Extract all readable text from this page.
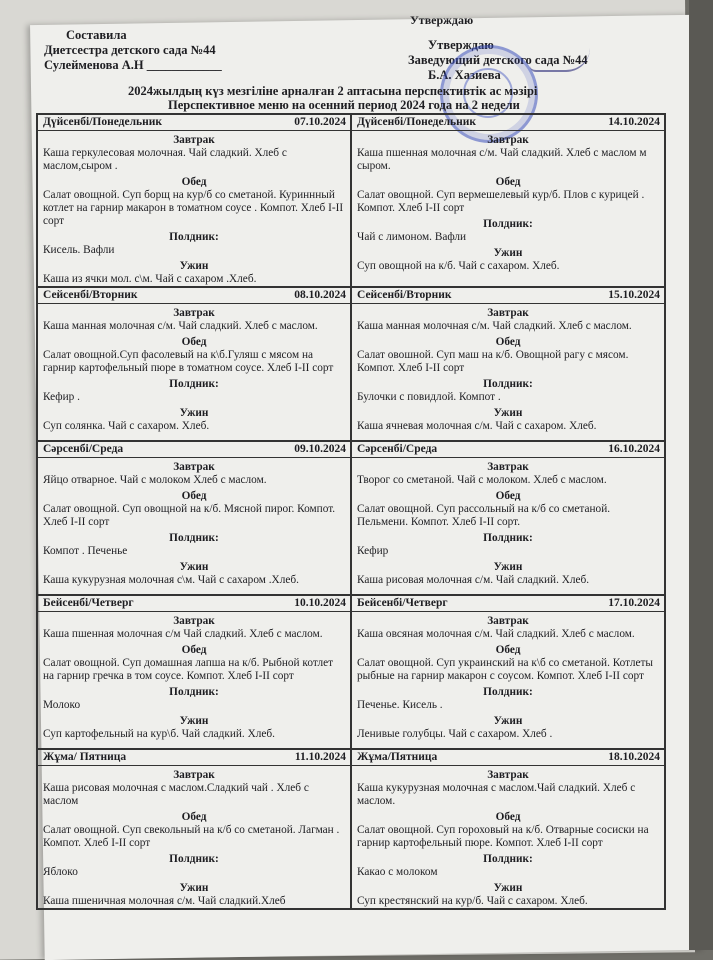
Утверждаю
Составила
Диетсестра детского сада №44
Сулейменова А.Н ____________
Утверждаю
Заведующий детского сада №44
Б.А. Хазиева
2024жылдың күз мезгіліне арналған 2 аптасына перспективтік ас мәзірі
Перспективное меню на осенний период 2024 года на 2 недели
Дүйсенбі/Понедельник	07.10.2024
Завтрак
Каша геркулесовая молочная. Чай сладкий. Хлеб с маслом,сыром .
Обед
Салат овощной. Суп борщ на кур/б со сметаной. Куриннный котлет на гарнир макарон в томатном соусе . Компот. Хлеб I-II сорт
Полдник:
Кисель. Вафли
Ужин
Каша из ячки мол. с\м. Чай с сахаром .Хлеб.
Дүйсенбі/Понедельник	14.10.2024
Завтрак
Каша пшенная молочная с/м. Чай сладкий. Хлеб с маслом м сыром.
Обед
Салат овощной. Суп вермешелевый кур/б. Плов с курицей . Компот. Хлеб I-II сорт
Полдник:
Чай с лимоном. Вафли
Ужин
Суп овощной на к/б. Чай с сахаром. Хлеб.
Сейсенбі/Вторник	08.10.2024
Завтрак
Каша манная молочная с/м. Чай сладкий. Хлеб с маслом.
Обед
Салат овощной.Суп фасолевый на к\б.Гуляш с мясом на гарнир картофельный пюре в томатном соусе. Хлеб I-II сорт
Полдник:
Кефир .
Ужин
Суп солянка. Чай с сахаром. Хлеб.
Сейсенбі/Вторник	15.10.2024
Завтрак
Каша манная молочная с/м. Чай сладкий. Хлеб с маслом.
Обед
Салат овошной. Суп маш на к/б. Овощной рагу с мясом. Компот. Хлеб I-II сорт
Полдник:
Булочки с повидлой. Компот .
Ужин
Каша ячневая молочная с/м. Чай с сахаром. Хлеб.
Сәрсенбі/Среда	09.10.2024
Завтрак
Яйцо отварное. Чай с молоком Хлеб с маслом.
Обед
Салат овощной. Суп овощной на к/б. Мясной пирог. Компот. Хлеб I-II сорт
Полдник:
Компот . Печенье
Ужин
Каша кукурузная молочная с\м. Чай с сахаром .Хлеб.
Сәрсенбі/Среда	16.10.2024
Завтрак
Творог со сметаной. Чай с молоком. Хлеб с маслом.
Обед
Салат овощной. Суп рассольный на к/б со сметаной. Пельмени. Компот. Хлеб I-II сорт.
Полдник:
Кефир
Ужин
Каша рисовая молочная с/м. Чай сладкий. Хлеб.
Бейсенбі/Четверг	10.10.2024
Завтрак
Каша пшенная молочная с/м Чай сладкий. Хлеб с маслом.
Обед
Салат овощной. Суп домашная лапша на к/б. Рыбной котлет на гарнир гречка в том соусе. Компот. Хлеб I-II сорт
Полдник:
Молоко
Ужин
Суп картофельный на кур\б. Чай сладкий. Хлеб.
Бейсенбі/Четверг	17.10.2024
Завтрак
Каша овсяная молочная с/м. Чай сладкий. Хлеб с маслом.
Обед
Салат овощной. Суп украинский на к\б со сметаной. Котлеты рыбные на гарнир макарон с соусом. Компот. Хлеб I-II сорт
Полдник:
Печенье. Кисель .
Ужин
Ленивые голубцы. Чай с сахаром. Хлеб .
Жұма/ Пятница	11.10.2024
Завтрак
Каша рисовая молочная с маслом.Сладкий чай . Хлеб с маслом
Обед
Салат овощной. Суп свекольный на к/б со сметаной. Лагман . Компот. Хлеб I-II сорт
Полдник:
Яблоко
Ужин
Каша пшеничная молочная с/м. Чай сладкий.Хлеб
Жұма/Пятница	18.10.2024
Завтрак
Каша кукурузная молочная с маслом.Чай сладкий. Хлеб с маслом.
Обед
Салат овощной. Суп гороховый на к/б. Отварные сосиски на гарнир картофельный пюре. Компот. Хлеб I-II сорт
Полдник:
Какао с молоком
Ужин
Суп крестянский на кур/б. Чай с сахаром. Хлеб.
